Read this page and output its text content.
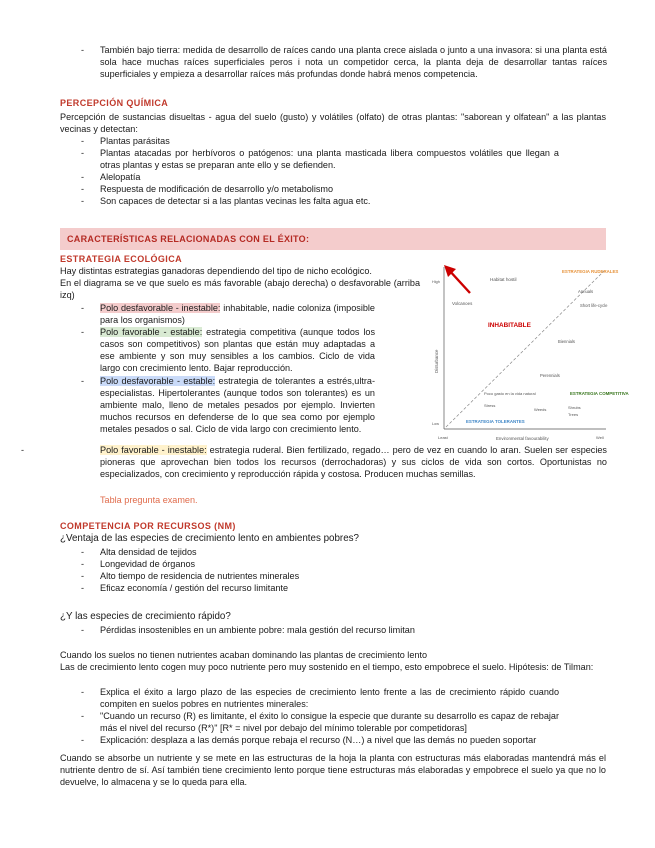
- También bajo tierra: medida de desarrollo de raíces cando una planta crece aislada o junto a una invasora: si una planta está sola hace muchas raíces superficiales peros i nota un competidor cerca, la planta deja de desarrollar tantas raíces superficiales y empieza a desarrollar raíces más profundas donde habrá menos competencia.

PERCEPCIÓN QUÍMICA

Percepción de sustancias disueltas - agua del suelo (gusto) y volátiles (olfato) de otras plantas: "saborean y olfatean" a las plantas vecinas y detectan:

- Plantas parásitas

- Plantas atacadas por herbívoros o patógenos: una planta masticada libera compuestos volátiles que llegan a otras plantas y estas se preparan ante ello y se defienden.

- Alelopatía

- Respuesta de modificación de desarrollo y/o metabolismo

- Son capaces de detectar si a las plantas vecinas les falta agua etc.

CARACTERÍSTICAS RELACIONADAS CON EL ÉXITO:

ESTRATEGIA ECOLÓGICA

Hay distintas estrategias ganadoras dependiendo del tipo de nicho ecológico.

En el diagrama se ve que suelo es más favorable (abajo derecha) o desfavorable (arriba izq)

- Polo desfavorable - inestable: inhabitable, nadie coloniza (imposible para los organismos)

- Polo favorable - estable: estrategia competitiva (aunque todos los casos son competitivos) son plantas que están muy adaptadas a ese ambiente y son muy sensibles a los cambios. Ciclo de vida largo con crecimiento lento. Bajar reproducción.

- Polo desfavorable - estable: estrategia de tolerantes a estrés,ultra-especialistas. Hipertolerantes (aunque todos son tolerantes) es un ambiente malo, lleno de metales pesados por ejemplo. Invierten muchos recursos en defenderse de lo que sea como por ejemplo metales pesados o sal. Ciclo de vida largo con crecimiento lento.

-	Polo favorable - inestable: estrategia ruderal. Bien fertilizado, regado… pero de vez en cuando lo aran. Suelen ser especies pioneras que aprovechan bien todos los recursos (derrochadoras) y sus ciclos de vida son cortos. Oportunistas no especializados, con crecimiento y reproducción rápida y costosa. Producen muchas semillas.

Tabla pregunta examen.

Habitat hostil
ESTRATEGIA RUDERALES
Annuals
Short life-cycle
Volcanoes
INHABITABLE
Biennials
Perennials
Poco gasto en la vida natural
Stress
ESTRATEGIA TOLERANTES
Weeds
ESTRATEGIA COMPETITIVA
Shrubs
Trees
Environmental favourability
Least	Well
Disturbance
High
Low

COMPETENCIA POR RECURSOS (NM)

¿Ventaja de las especies de crecimiento lento en ambientes pobres?

- Alta densidad de tejidos

- Longevidad de órganos

- Alto tiempo de residencia de nutrientes minerales

- Eficaz economía / gestión del recurso limitante

¿Y las especies de crecimiento rápido?

- Pérdidas insostenibles en un ambiente pobre: mala gestión del recurso limitan

Cuando los suelos no tienen nutrientes acaban dominando las plantas de crecimiento lento

Las de crecimiento lento cogen muy poco nutriente pero muy sostenido en el tiempo, esto empobrece el suelo. Hipótesis: de Tilman:

- Explica el éxito a largo plazo de las especies de crecimiento lento frente a las de crecimiento rápido cuando compiten en suelos pobres en nutrientes minerales:

- "Cuando un recurso (R) es limitante, el éxito lo consigue la especie que durante su desarrollo es capaz de rebajar más el nivel del recurso (R*)" [R* = nivel por debajo del mínimo tolerable por competidoras]

- Explicación: desplaza a las demás porque rebaja el recurso (N…) a nivel que las demás no pueden soportar

Cuando se absorbe un nutriente y se mete en las estructuras de la hoja la planta con estructuras más elaboradas mantendrá más el nutriente dentro de sí. Así también tiene crecimiento lento porque tiene estructuras más elaboradas y empobrece el suelo ya que no lo devuelve, lo almacena y se lo queda para ella.
